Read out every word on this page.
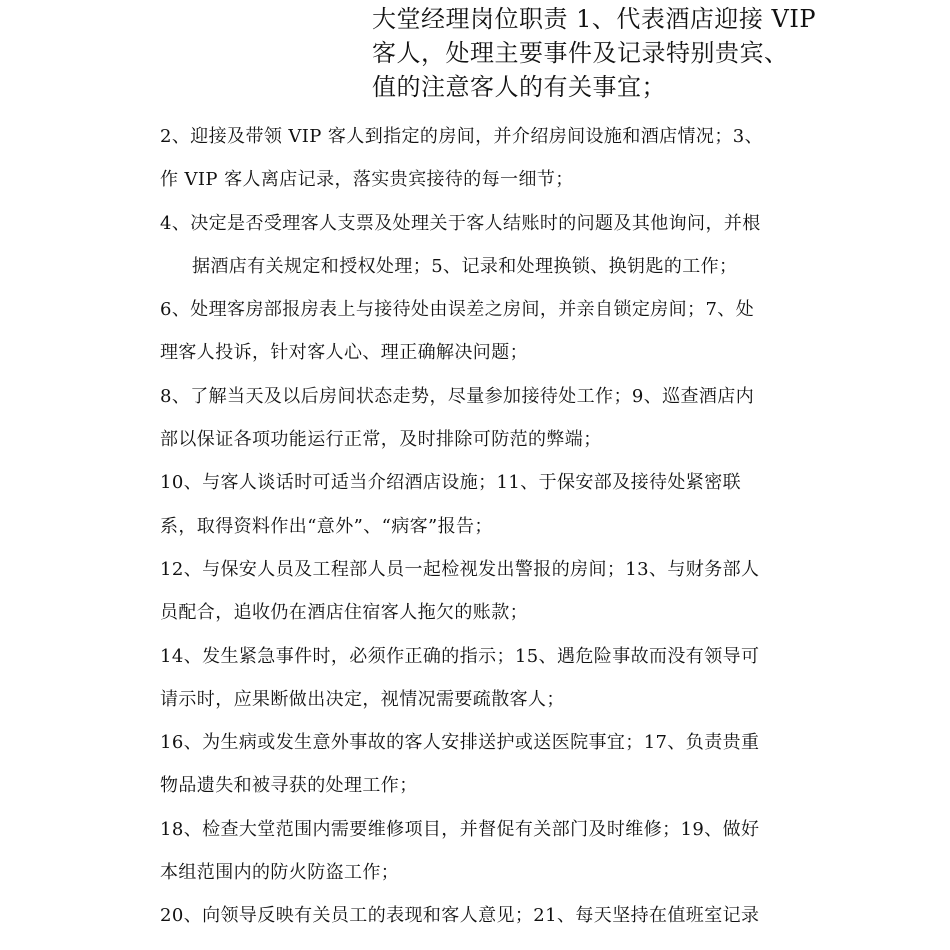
大堂经理岗位职责 1、代表酒店迎接 VIP
客人，处理主要事件及记录特别贵宾、
值的注意客人的有关事宜；
2、迎接及带领 VIP 客人到指定的房间，并介绍房间设施和酒店情况；3、
作 VIP 客人离店记录，落实贵宾接待的每一细节；
4、决定是否受理客人支票及处理关于客人结账时的问题及其他询问，并根
据酒店有关规定和授权处理；5、记录和处理换锁、换钥匙的工作；
6、处理客房部报房表上与接待处由误差之房间，并亲自锁定房间；7、处
理客人投诉，针对客人心、理正确解决问题；
8、了解当天及以后房间状态走势，尽量参加接待处工作；9、巡查酒店内
部以保证各项功能运行正常，及时排除可防范的弊端；
10、与客人谈话时可适当介绍酒店设施；11、于保安部及接待处紧密联
系，取得资料作出“意外”、“病客”报告；
12、与保安人员及工程部人员一起检视发出警报的房间；13、与财务部人
员配合，追收仍在酒店住宿客人拖欠的账款；
14、发生紧急事件时，必须作正确的指示；15、遇危险事故而没有领导可
请示时，应果断做出决定，视情况需要疏散客人；
16、为生病或发生意外事故的客人安排送护或送医院事宜；17、负责贵重
物品遗失和被寻获的处理工作；
18、检查大堂范围内需要维修项目，并督促有关部门及时维修；19、做好
本组范围内的防火防盗工作；
20、向领导反映有关员工的表现和客人意见；21、每天坚持在值班室记录
